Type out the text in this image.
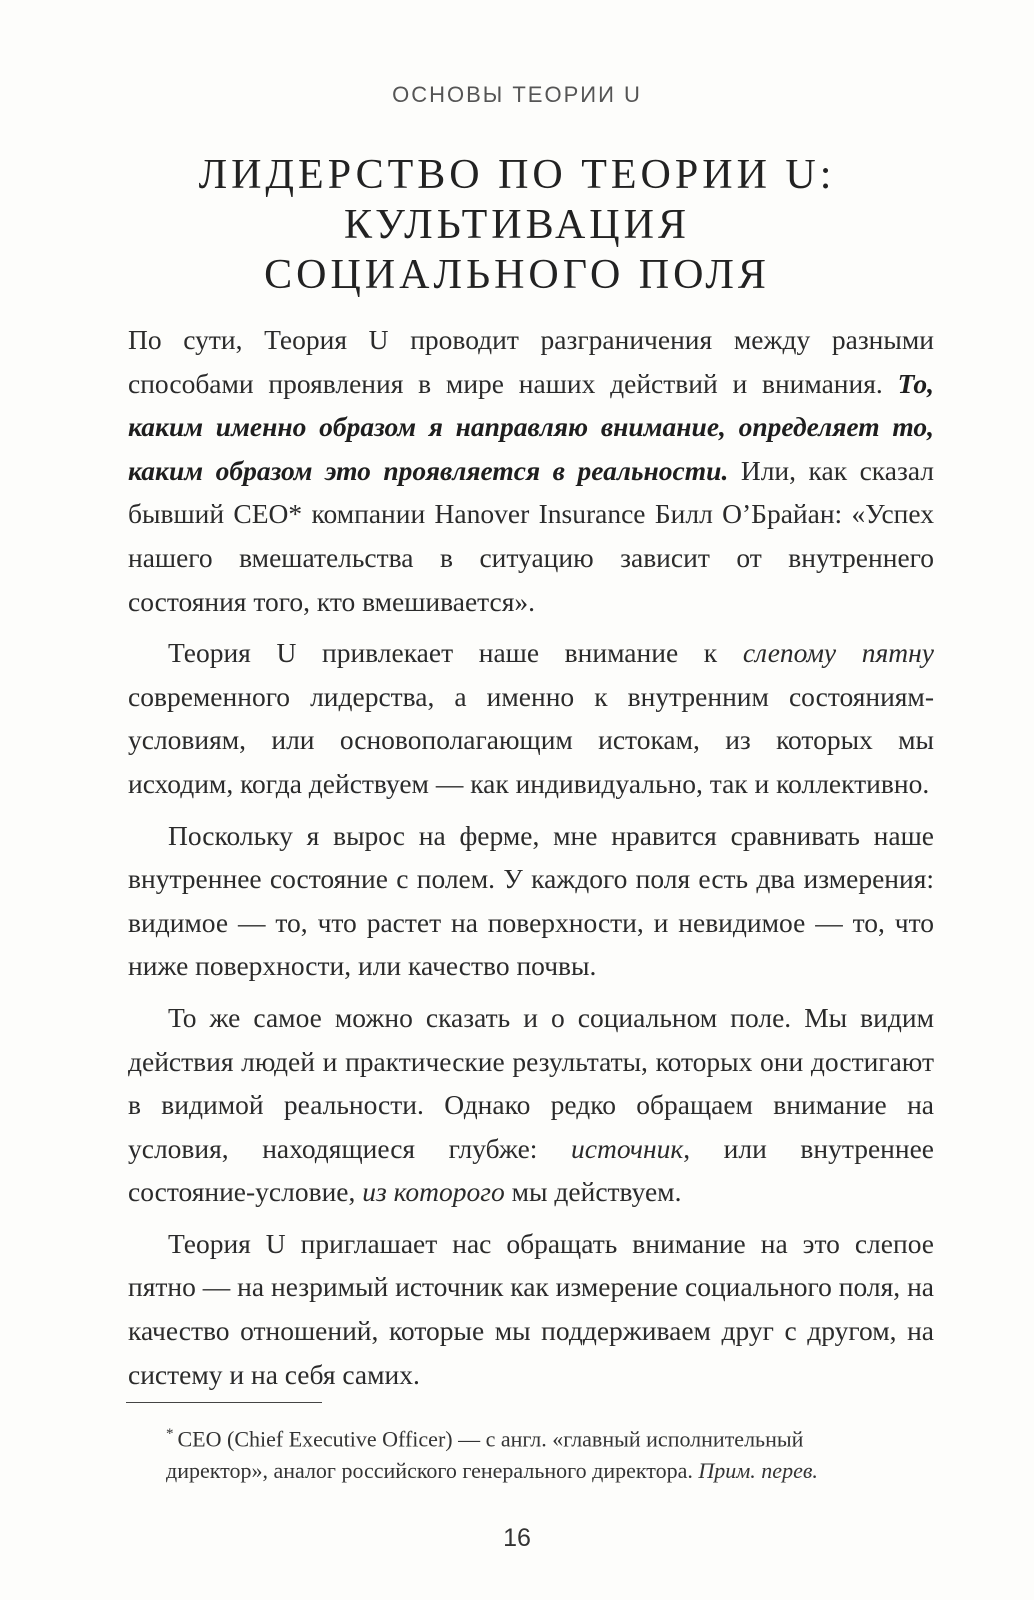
ОСНОВЫ ТЕОРИИ U
ЛИДЕРСТВО ПО ТЕОРИИ U:
КУЛЬТИВАЦИЯ
СОЦИАЛЬНОГО ПОЛЯ

По сути, Теория U проводит разграничения между разными способами проявления в мире наших действий и внимания. То, каким именно образом я направляю внимание, определяет то, каким образом это проявляется в реальности. Или, как сказал бывший CEO* компании Hanover Insurance Билл О’Брайан: «Успех нашего вмешательства в ситуацию зависит от внутреннего состояния того, кто вмешивается».

Теория U привлекает наше внимание к слепому пятну современного лидерства, а именно к внутренним состояниям-условиям, или основополагающим истокам, из которых мы исходим, когда действуем — как индивидуально, так и коллективно.

Поскольку я вырос на ферме, мне нравится сравнивать наше внутреннее состояние с полем. У каждого поля есть два измерения: видимое — то, что растет на поверхности, и невидимое — то, что ниже поверхности, или качество почвы.

То же самое можно сказать и о социальном поле. Мы видим действия людей и практические результаты, которых они достигают в видимой реальности. Однако редко обращаем внимание на условия, находящиеся глубже: источник, или внутреннее состояние-условие, из которого мы действуем.

Теория U приглашает нас обращать внимание на это слепое пятно — на незримый источник как измерение социального поля, на качество отношений, которые мы поддерживаем друг с другом, на систему и на себя самих.

* CEO (Chief Executive Officer) — с англ. «главный исполнительный
директор», аналог российского генерального директора. Прим. перев.
16
